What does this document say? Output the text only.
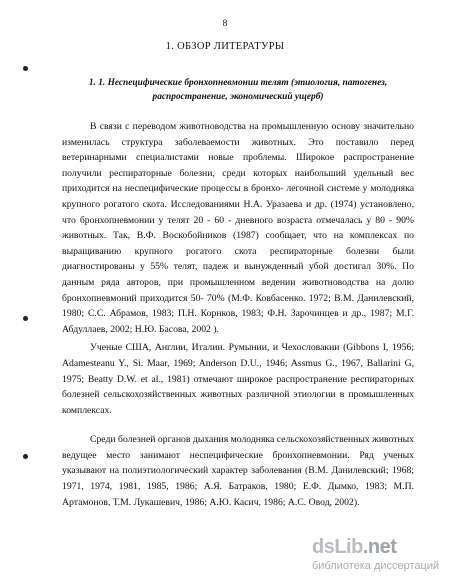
8
1. ОБЗОР ЛИТЕРАТУРЫ
1. 1. Неспецифические бронхопневмонии телят (этиология, патогенез, распространение, экономический ущерб)

В связи с переводом животноводства на промышленную основу значительно изменилась структура заболеваемости животных. Это поставило перед ветеринарными специалистами новые проблемы. Широкое распространение получили респираторные болезни, среди которых наибольший удельный вес приходится на неспецифические процессы в бронхо- легочной системе у молодняка крупного рогатого скота. Исследованиями Н.А. Уразаева и др. (1974) установлено, что бронхопневмонии у телят 20 - 60 - дневного возраста отмечалась у 80 - 90% животных. Так, В.Ф. Воскобойников (1987) сообщает, что на комплексах по выращиванию крупного рогатого скота респираторные болезни были диагностированы у 55% телят, падеж и вынужденный убой достигал 30%. По данным ряда авторов, при промышленном ведении животноводства на долю бронхопневмоний приходится 50- 70% (М.Ф. Ковбасенко. 1972; В.М. Данилевский, 1980; С.С. Абрамов, 1983; П.Н. Корнков, 1983; Ф.Н. Зарочинцев и др., 1987; М.Г. Абдуллаев, 2002; Н.Ю. Басова, 2002 ).

Ученые США, Англии, Италии. Румынии, и Чехословакии (Gibbons I, 1956; Adamesteanu Y., Si. Maar, 1969; Anderson D.U., 1946; Assmus G., 1967, Ballarini G, 1975; Beatty D.W. et al., 1981) отмечают широкое распространение респираторных болезней сельскохозяйственных животных различной этиологии в промышленных комплексах.

Среди болезней органов дыхания молодняка сельскохозяйственных животных ведущее место занимают неспецифические бронхопневмонии. Ряд ученых указывают на полиэтиологический характер заболевания (В.М. Данилевский; 1968; 1971, 1974, 1981, 1985, 1986; А.Я. Батраков, 1980; Е.Ф. Дымко, 1983; М.П. Артамонов, Т.М. Лукашевич, 1986; А.Ю. Касич, 1986; А.С. Овод, 2002).

dsLib.net
библиотека диссертаций
